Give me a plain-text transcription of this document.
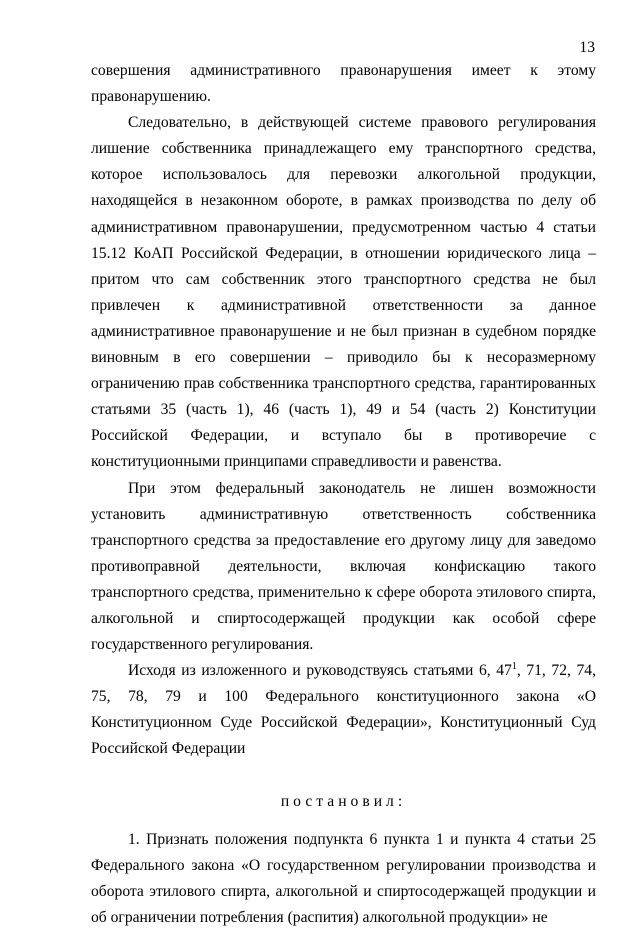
13

совершения административного правонарушения имеет к этому правонарушению.

Следовательно, в действующей системе правового регулирования лишение собственника принадлежащего ему транспортного средства, которое использовалось для перевозки алкогольной продукции, находящейся в незаконном обороте, в рамках производства по делу об административном правонарушении, предусмотренном частью 4 статьи 15.12 КоАП Российской Федерации, в отношении юридического лица – притом что сам собственник этого транспортного средства не был привлечен к административной ответственности за данное административное правонарушение и не был признан в судебном порядке виновным в его совершении – приводило бы к несоразмерному ограничению прав собственника транспортного средства, гарантированных статьями 35 (часть 1), 46 (часть 1), 49 и 54 (часть 2) Конституции Российской Федерации, и вступало бы в противоречие с конституционными принципами справедливости и равенства.

При этом федеральный законодатель не лишен возможности установить административную ответственность собственника транспортного средства за предоставление его другому лицу для заведомо противоправной деятельности, включая конфискацию такого транспортного средства, применительно к сфере оборота этилового спирта, алкогольной и спиртосодержащей продукции как особой сфере государственного регулирования.

Исходя из изложенного и руководствуясь статьями 6, $47^1$, 71, 72, 74, 75, 78, 79 и 100 Федерального конституционного закона «О Конституционном Суде Российской Федерации», Конституционный Суд Российской Федерации

постановил:

1. Признать положения подпункта 6 пункта 1 и пункта 4 статьи 25 Федерального закона «О государственном регулировании производства и оборота этилового спирта, алкогольной и спиртосодержащей продукции и об ограничении потребления (распития) алкогольной продукции» не
